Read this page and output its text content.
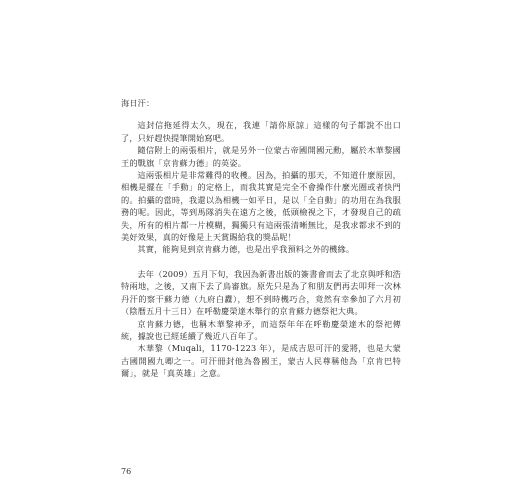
海日汗：

這封信拖延得太久，現在，我連「請你原諒」這樣的句子都說不出口了，只好趕快提筆開始寫吧。

隨信附上的兩張相片，就是另外一位蒙古帝國開國元勳，屬於木華黎國王的戰旗「京肯蘇力德」的英姿。

這兩張相片是非常難得的收穫。因為，拍攝的那天，不知道什麼原因，相機是擺在「手動」的定格上，而我其實是完全不會操作什麼光圈或者快門的。拍攝的當時，我還以為相機一如平日，是以「全自動」的功用在為我服務的呢。因此，等到馬隊消失在遠方之後，低頭檢視之下，才發現自己的疏失，所有的相片都一片模糊，獨獨只有這兩張清晰無比，是我求都求不到的美好效果，真的好像是上天賞賜給我的獎品呢！

其實，能夠見到京肯蘇力德，也是出乎我預料之外的機緣。

去年（2009）五月下旬，我因為新書出版的簽書會而去了北京與呼和浩特兩地，之後，又南下去了鳥審旗。原先只是為了和朋友們再去叩拜一次林丹汗的察干蘇力德（九府白纛），想不到時機巧合，竟然有幸參加了六月初（陰曆五月十三日）在呼勒慶榮達木舉行的京肯蘇力德祭祀大典。

京肯蘇力德，也稱木華黎神矛，而這祭年年在呼勒慶榮達木的祭祀傳統，據說也已經延續了幾近八百年了。

木華黎（Muqali，1170-1223 年），是成吉思可汗的愛將，也是大蒙古國開國九卿之一。可汗冊封他為魯國王，蒙古人民尊稱他為「京肯巴特爾」，就是「真英雄」之意。

76
